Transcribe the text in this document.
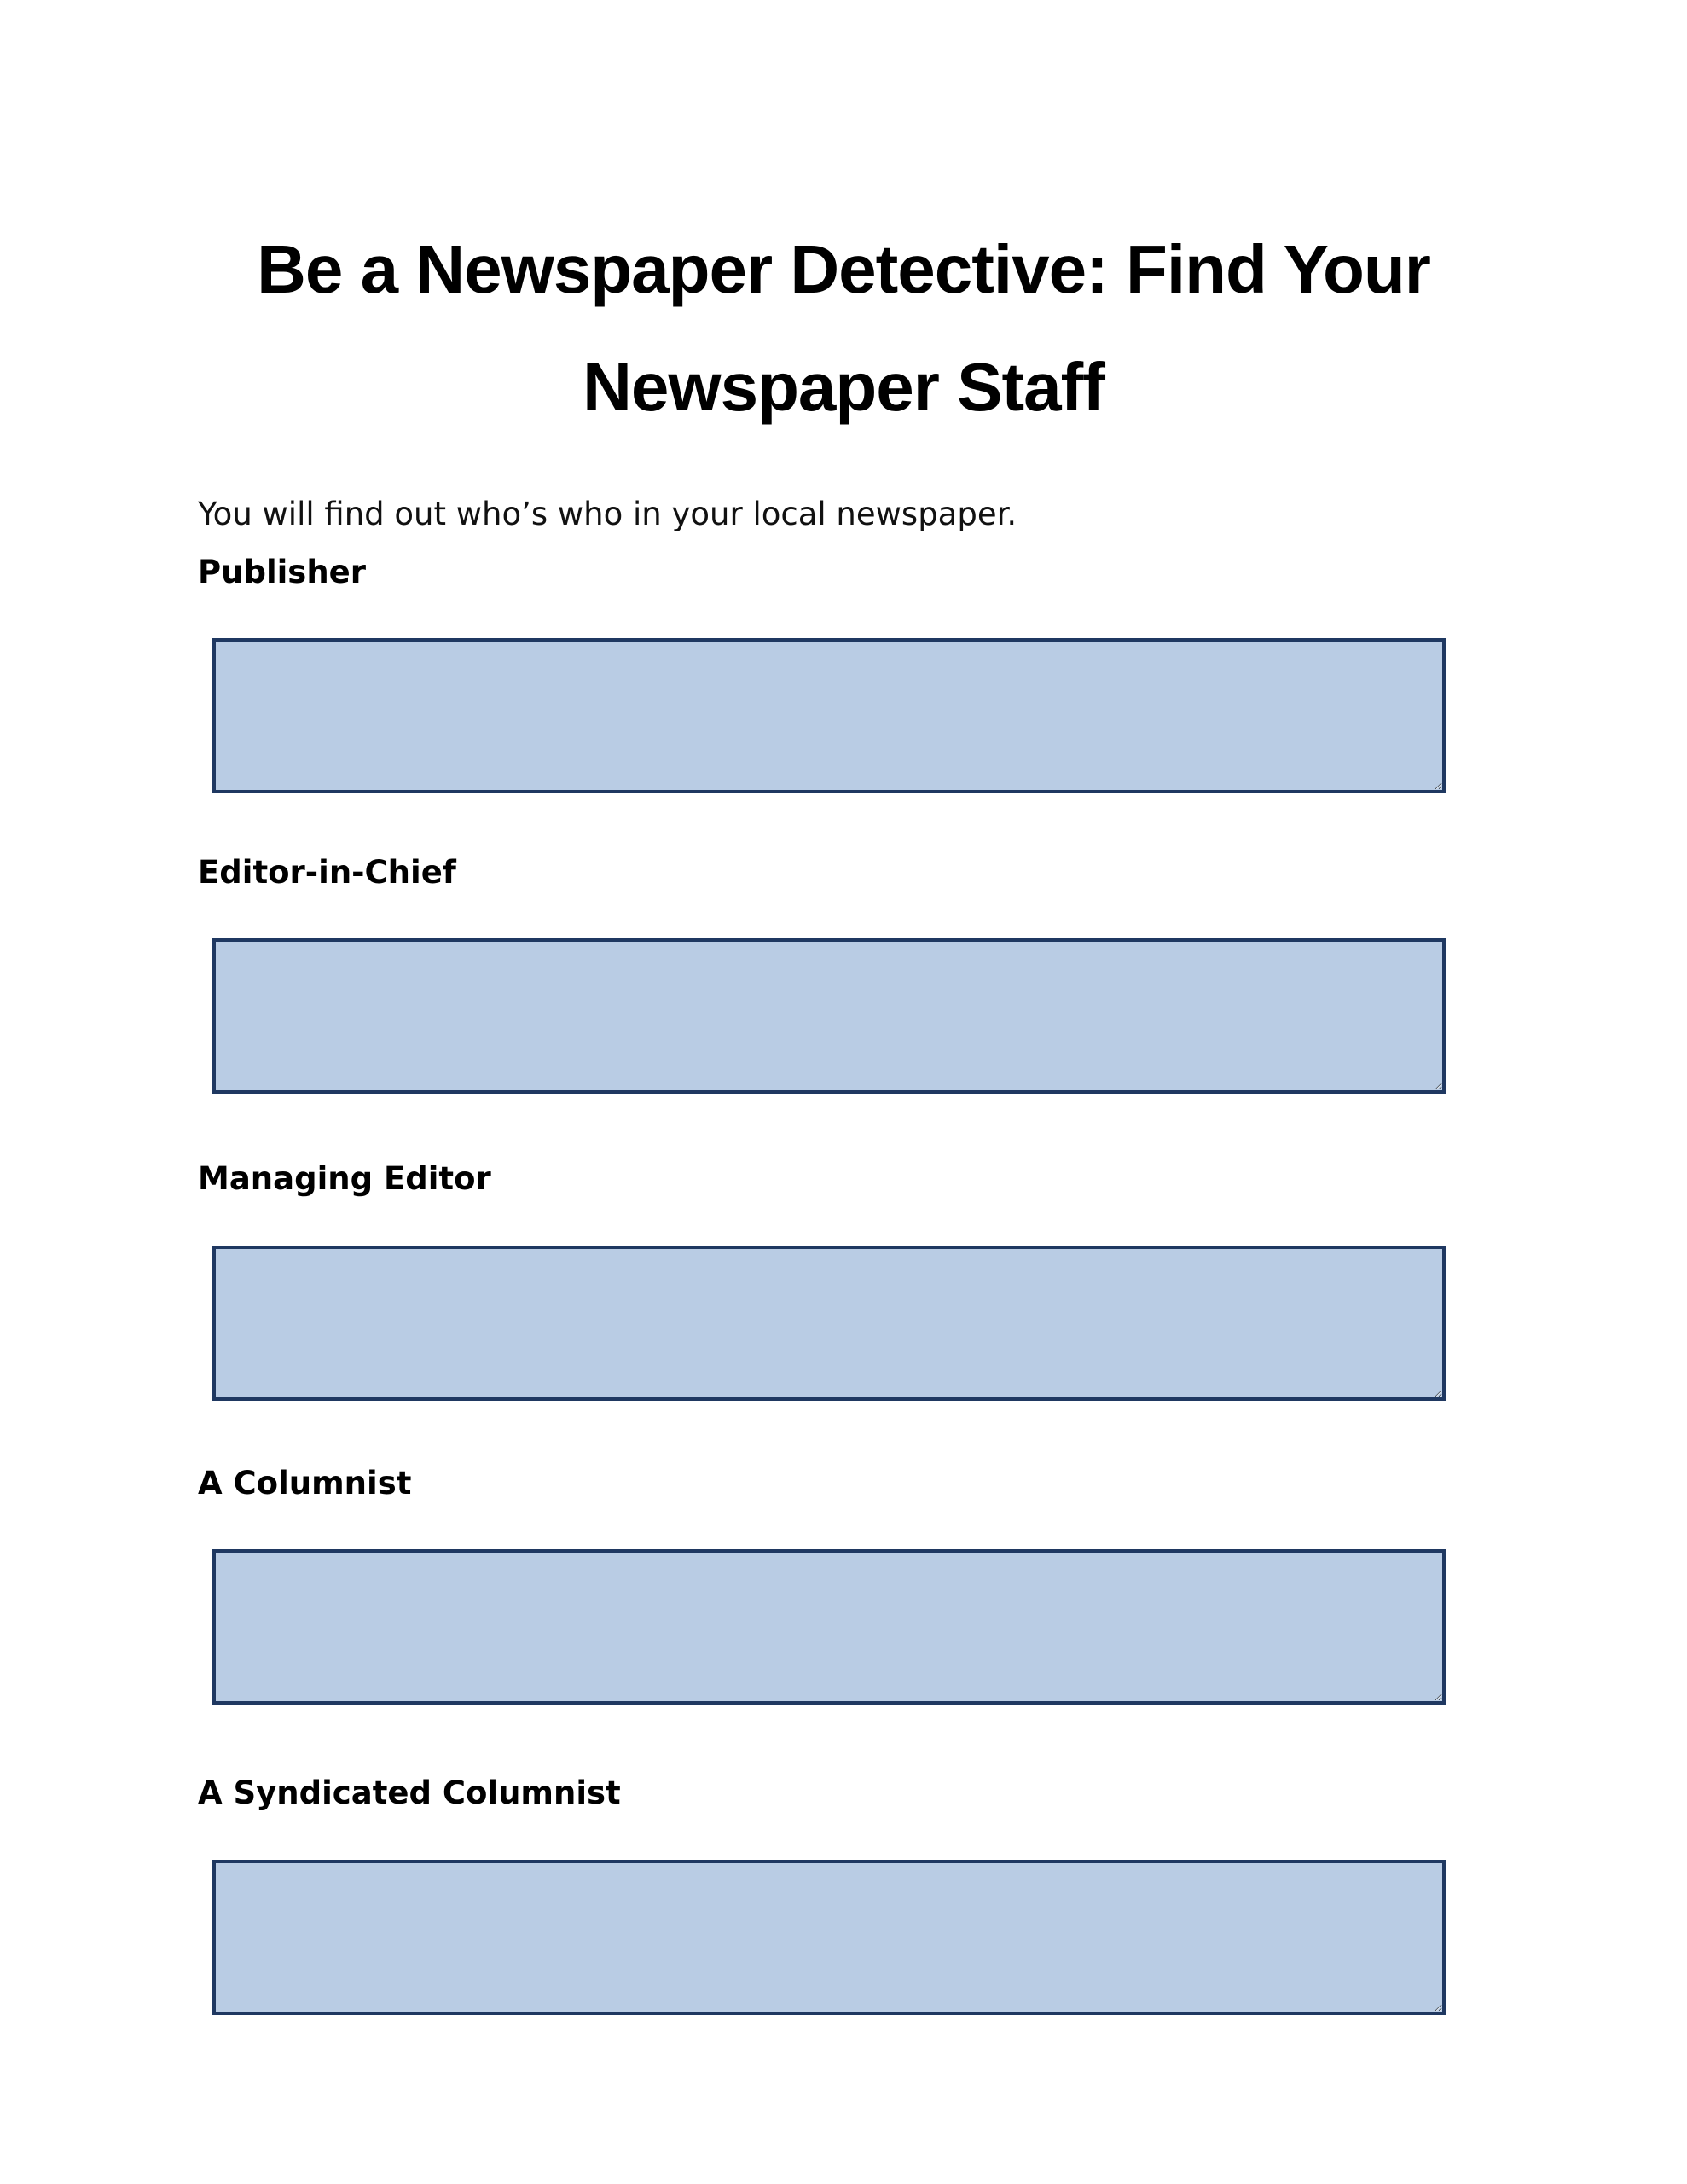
Be a Newspaper Detective: Find Your
Newspaper Staff

You will find out who’s who in your local newspaper.

Publisher

Editor-in-Chief

Managing Editor

A Columnist

A Syndicated Columnist
